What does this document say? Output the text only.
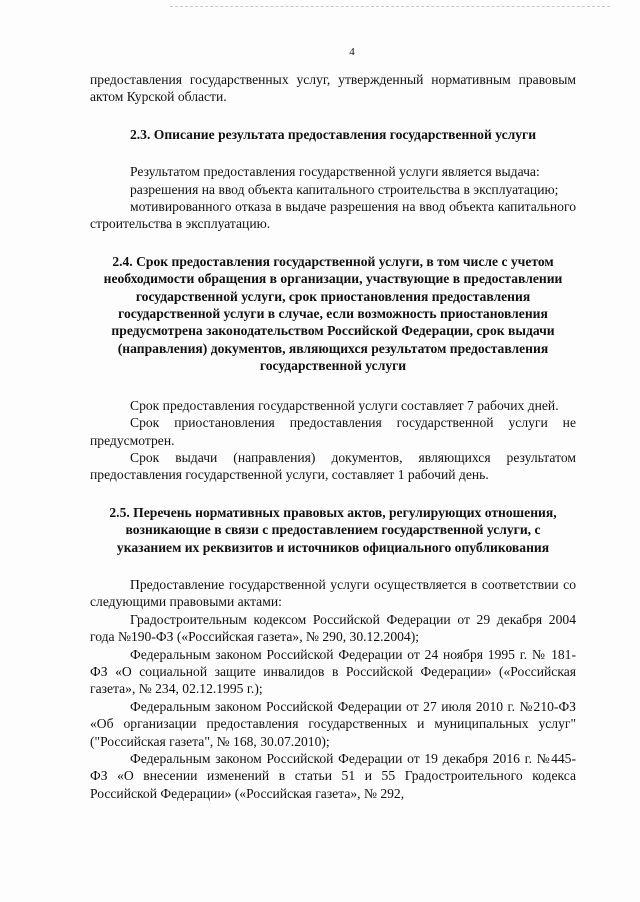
4

предоставления государственных услуг, утвержденный нормативным правовым актом Курской области.

2.3. Описание результата предоставления государственной услуги

Результатом предоставления государственной услуги является выдача:

разрешения на ввод объекта капитального строительства в эксплуатацию;

мотивированного отказа в выдаче разрешения на ввод объекта капитального строительства в эксплуатацию.

2.4. Срок предоставления государственной услуги, в том числе с учетом необходимости обращения в организации, участвующие в предоставлении государственной услуги, срок приостановления предоставления государственной услуги в случае, если возможность приостановления предусмотрена законодательством Российской Федерации, срок выдачи (направления) документов, являющихся результатом предоставления государственной услуги

Срок предоставления государственной услуги составляет 7 рабочих дней.

Срок приостановления предоставления государственной услуги не предусмотрен.

Срок выдачи (направления) документов, являющихся результатом предоставления государственной услуги, составляет 1 рабочий день.

2.5. Перечень нормативных правовых актов, регулирующих отношения, возникающие в связи с предоставлением государственной услуги, с указанием их реквизитов и источников официального опубликования

Предоставление государственной услуги осуществляется в соответствии со следующими правовыми актами:

Градостроительным кодексом Российской Федерации от 29 декабря 2004 года №190-ФЗ («Российская газета», № 290, 30.12.2004);

Федеральным законом Российской Федерации от 24 ноября 1995 г. № 181-ФЗ «О социальной защите инвалидов в Российской Федерации» («Российская газета», № 234, 02.12.1995 г.);

Федеральным законом Российской Федерации от 27 июля 2010 г. №210-ФЗ «Об организации предоставления государственных и муниципальных услуг" ("Российская газета", № 168, 30.07.2010);

Федеральным законом Российской Федерации от 19 декабря 2016 г. №445-ФЗ «О внесении изменений в статьи 51 и 55 Градостроительного кодекса Российской Федерации» («Российская газета», № 292,
